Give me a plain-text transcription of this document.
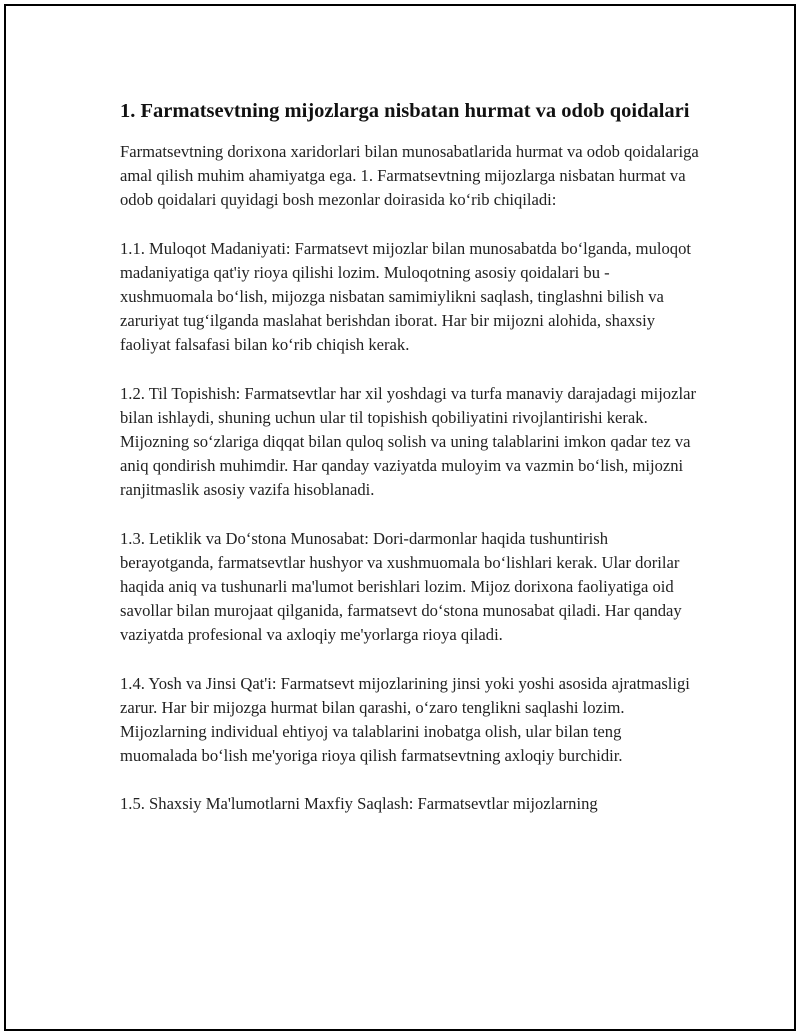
1. Farmatsevtning mijozlarga nisbatan hurmat va odob qoidalari

Farmatsevtning dorixona xaridorlari bilan munosabatlarida hurmat va odob qoidalariga amal qilish muhim ahamiyatga ega. 1. Farmatsevtning mijozlarga nisbatan hurmat va odob qoidalari quyidagi bosh mezonlar doirasida ko‘rib chiqiladi:

1.1. Muloqot Madaniyati: Farmatsevt mijozlar bilan munosabatda bo‘lganda, muloqot madaniyatiga qat'iy rioya qilishi lozim. Muloqotning asosiy qoidalari bu - xushmuomala bo‘lish, mijozga nisbatan samimiylikni saqlash, tinglashni bilish va zaruriyat tug‘ilganda maslahat berishdan iborat. Har bir mijozni alohida, shaxsiy faoliyat falsafasi bilan ko‘rib chiqish kerak.

1.2. Til Topishish: Farmatsevtlar har xil yoshdagi va turfa manaviy darajadagi mijozlar bilan ishlaydi, shuning uchun ular til topishish qobiliyatini rivojlantirishi kerak. Mijozning so‘zlariga diqqat bilan quloq solish va uning talablarini imkon qadar tez va aniq qondirish muhimdir. Har qanday vaziyatda muloyim va vazmin bo‘lish, mijozni ranjitmaslik asosiy vazifa hisoblanadi.

1.3. Letiklik va Do‘stona Munosabat: Dori-darmonlar haqida tushuntirish berayotganda, farmatsevtlar hushyor va xushmuomala bo‘lishlari kerak. Ular dorilar haqida aniq va tushunarli ma'lumot berishlari lozim. Mijoz dorixona faoliyatiga oid savollar bilan murojaat qilganida, farmatsevt do‘stona munosabat qiladi. Har qanday vaziyatda profesional va axloqiy me'yorlarga rioya qiladi.

1.4. Yosh va Jinsi Qat'i: Farmatsevt mijozlarining jinsi yoki yoshi asosida ajratmasligi zarur. Har bir mijozga hurmat bilan qarashi, o‘zaro tenglikni saqlashi lozim. Mijozlarning individual ehtiyoj va talablarini inobatga olish, ular bilan teng muomalada bo‘lish me'yoriga rioya qilish farmatsevtning axloqiy burchidir.

1.5. Shaxsiy Ma'lumotlarni Maxfiy Saqlash: Farmatsevtlar mijozlarning
